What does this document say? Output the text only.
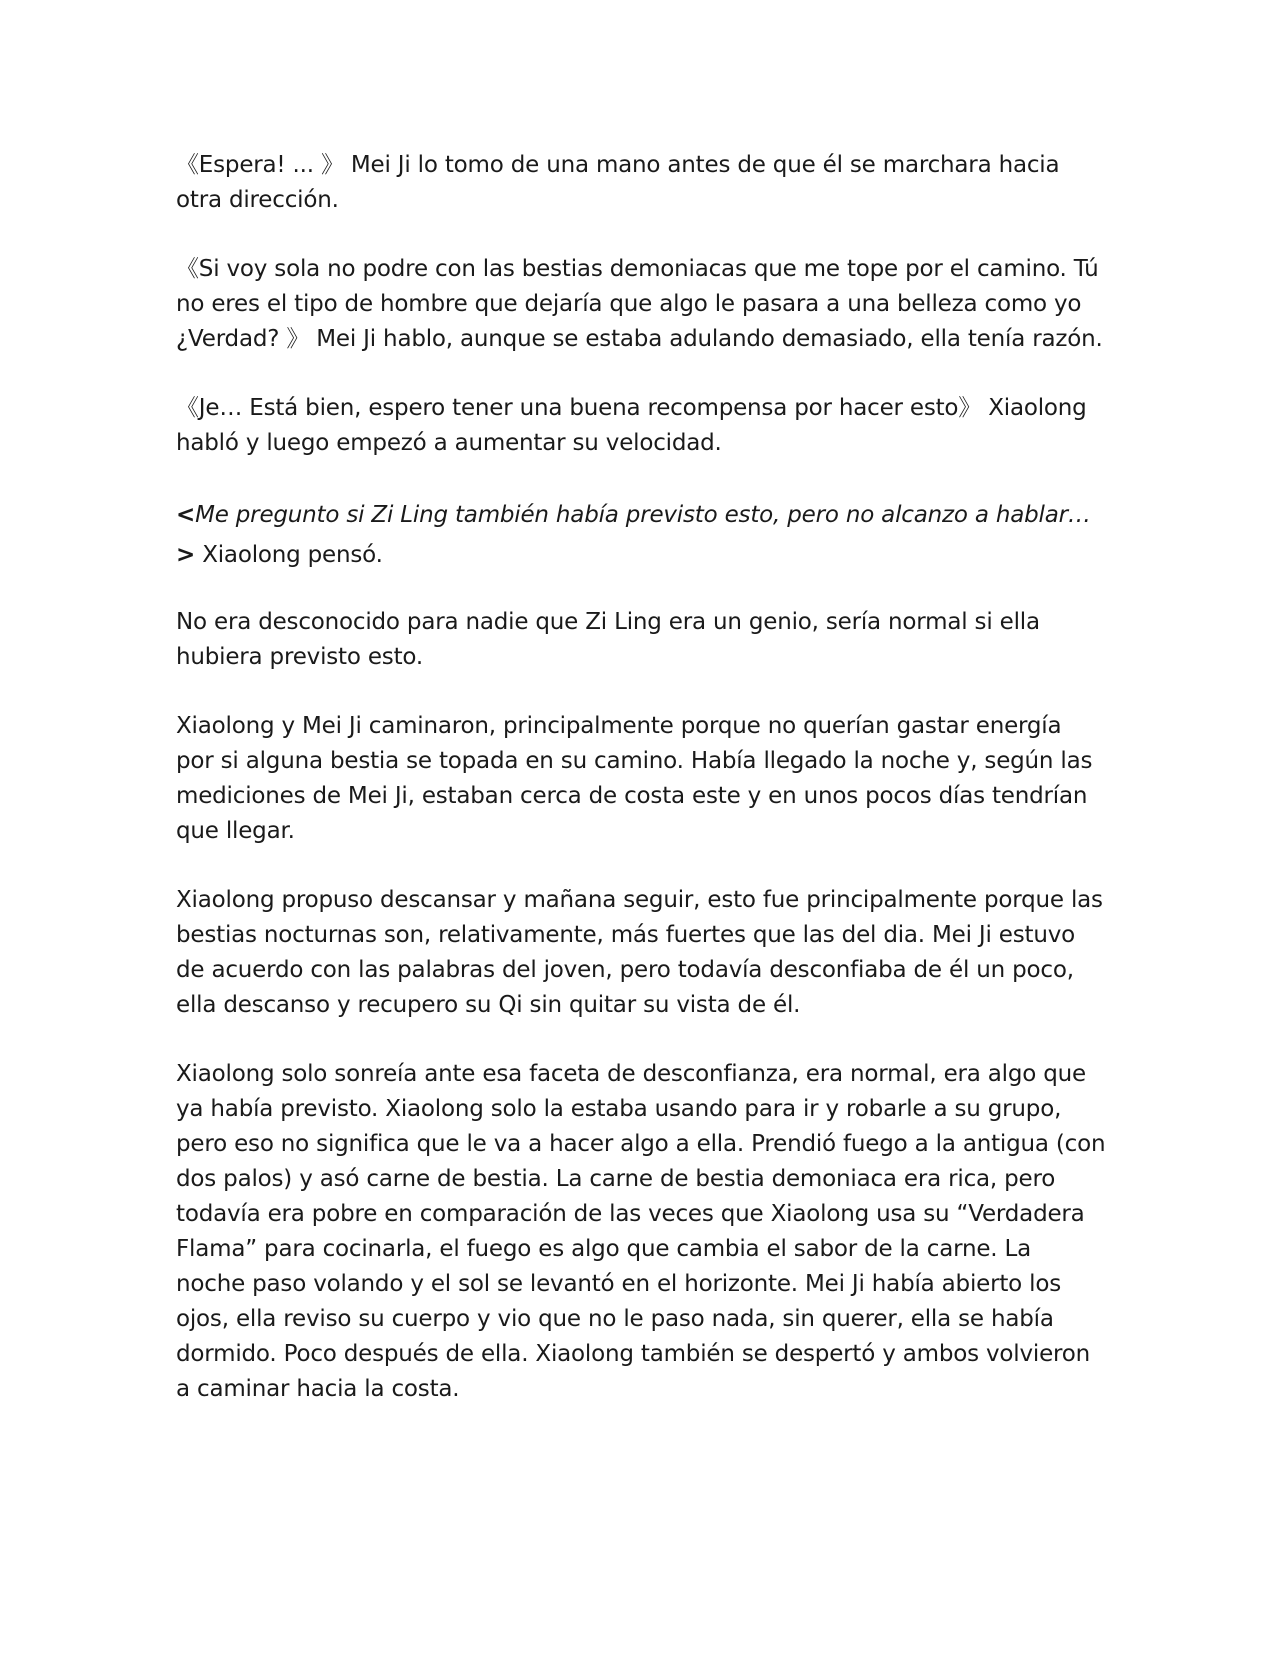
《Espera! ... 》 Mei Ji lo tomo de una mano antes de que él se marchara hacia otra dirección.

《Si voy sola no podre con las bestias demoniacas que me tope por el camino. Tú no eres el tipo de hombre que dejaría que algo le pasara a una belleza como yo ¿Verdad? 》 Mei Ji hablo, aunque se estaba adulando demasiado, ella tenía razón.

《Je… Está bien, espero tener una buena recompensa por hacer esto》 Xiaolong habló y luego empezó a aumentar su velocidad.

<Me pregunto si Zi Ling también había previsto esto, pero no alcanzo a hablar…> Xiaolong pensó.

No era desconocido para nadie que Zi Ling era un genio, sería normal si ella hubiera previsto esto.

Xiaolong y Mei Ji caminaron, principalmente porque no querían gastar energía por si alguna bestia se topada en su camino. Había llegado la noche y, según las mediciones de Mei Ji, estaban cerca de costa este y en unos pocos días tendrían que llegar.

Xiaolong propuso descansar y mañana seguir, esto fue principalmente porque las bestias nocturnas son, relativamente, más fuertes que las del dia. Mei Ji estuvo de acuerdo con las palabras del joven, pero todavía desconfiaba de él un poco, ella descanso y recupero su Qi sin quitar su vista de él.

Xiaolong solo sonreía ante esa faceta de desconfianza, era normal, era algo que ya había previsto. Xiaolong solo la estaba usando para ir y robarle a su grupo, pero eso no significa que le va a hacer algo a ella. Prendió fuego a la antigua (con dos palos) y asó carne de bestia. La carne de bestia demoniaca era rica, pero todavía era pobre en comparación de las veces que Xiaolong usa su “Verdadera Flama” para cocinarla, el fuego es algo que cambia el sabor de la carne. La noche paso volando y el sol se levantó en el horizonte. Mei Ji había abierto los ojos, ella reviso su cuerpo y vio que no le paso nada, sin querer, ella se había dormido. Poco después de ella. Xiaolong también se despertó y ambos volvieron a caminar hacia la costa.
